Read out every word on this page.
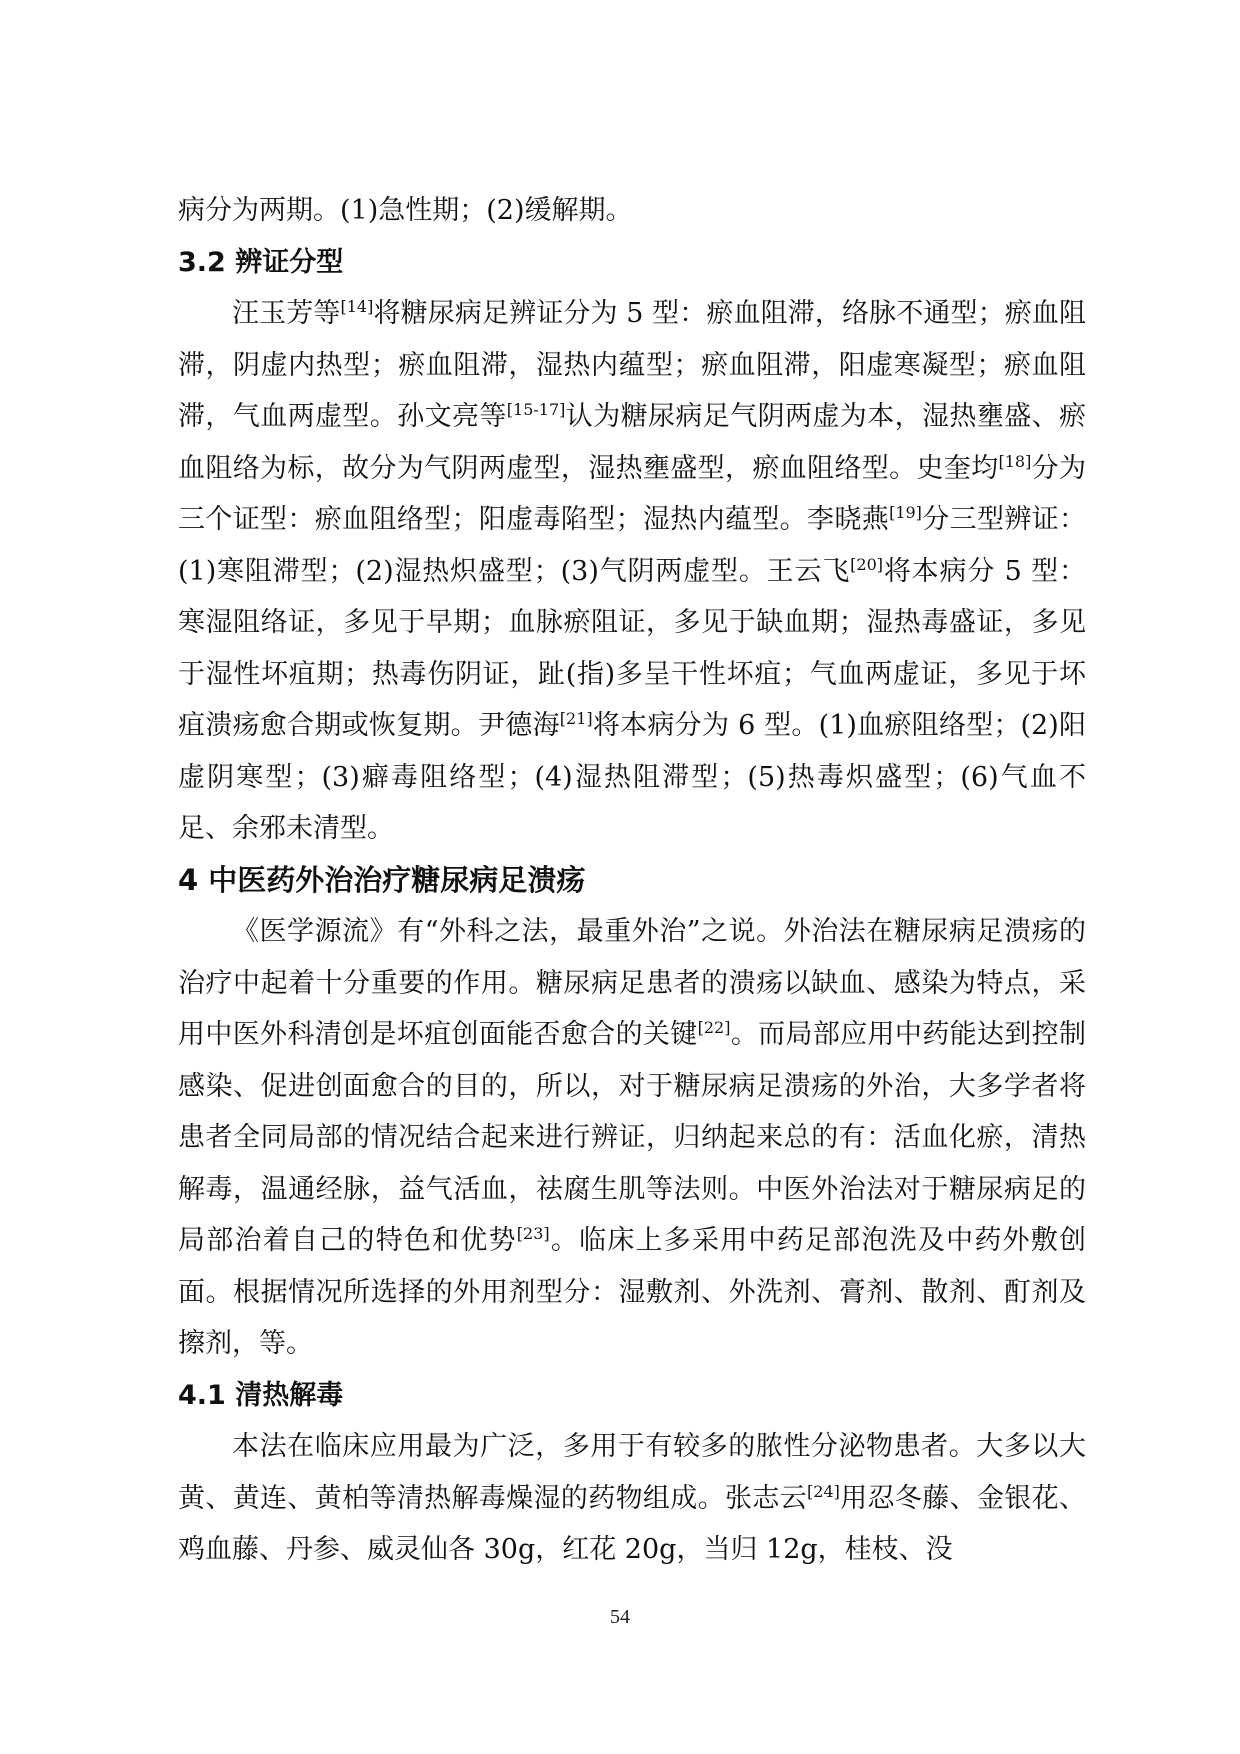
病分为两期。(1)急性期；(2)缓解期。

3.2 辨证分型

汪玉芳等[14]将糖尿病足辨证分为 5 型：瘀血阻滞，络脉不通型；瘀血阻滞，阴虚内热型；瘀血阻滞，湿热内蕴型；瘀血阻滞，阳虚寒凝型；瘀血阻滞，气血两虚型。孙文亮等[15-17]认为糖尿病足气阴两虚为本，湿热壅盛、瘀血阻络为标，故分为气阴两虚型，湿热壅盛型，瘀血阻络型。史奎均[18]分为三个证型：瘀血阻络型；阳虚毒陷型；湿热内蕴型。李晓燕[19]分三型辨证：(1)寒阻滞型；(2)湿热炽盛型；(3)气阴两虚型。王云飞[20]将本病分 5 型：寒湿阻络证，多见于早期；血脉瘀阻证，多见于缺血期；湿热毒盛证，多见于湿性坏疽期；热毒伤阴证，趾(指)多呈干性坏疽；气血两虚证，多见于坏疽溃疡愈合期或恢复期。尹德海[21]将本病分为 6 型。(1)血瘀阻络型；(2)阳虚阴寒型；(3)癖毒阻络型；(4)湿热阻滞型；(5)热毒炽盛型；(6)气血不足、余邪未清型。

4 中医药外治治疗糖尿病足溃疡

《医学源流》有“外科之法，最重外治”之说。外治法在糖尿病足溃疡的治疗中起着十分重要的作用。糖尿病足患者的溃疡以缺血、感染为特点，采用中医外科清创是坏疽创面能否愈合的关键[22]。而局部应用中药能达到控制感染、促进创面愈合的目的，所以，对于糖尿病足溃疡的外治，大多学者将患者全同局部的情况结合起来进行辨证，归纳起来总的有：活血化瘀，清热解毒，温通经脉，益气活血，祛腐生肌等法则。中医外治法对于糖尿病足的局部治着自己的特色和优势[23]。临床上多采用中药足部泡洗及中药外敷创面。根据情况所选择的外用剂型分：湿敷剂、外洗剂、膏剂、散剂、酊剂及擦剂，等。

4.1 清热解毒

本法在临床应用最为广泛，多用于有较多的脓性分泌物患者。大多以大黄、黄连、黄柏等清热解毒燥湿的药物组成。张志云[24]用忍冬藤、金银花、鸡血藤、丹参、威灵仙各 30g，红花 20g，当归 12g，桂枝、没

54
